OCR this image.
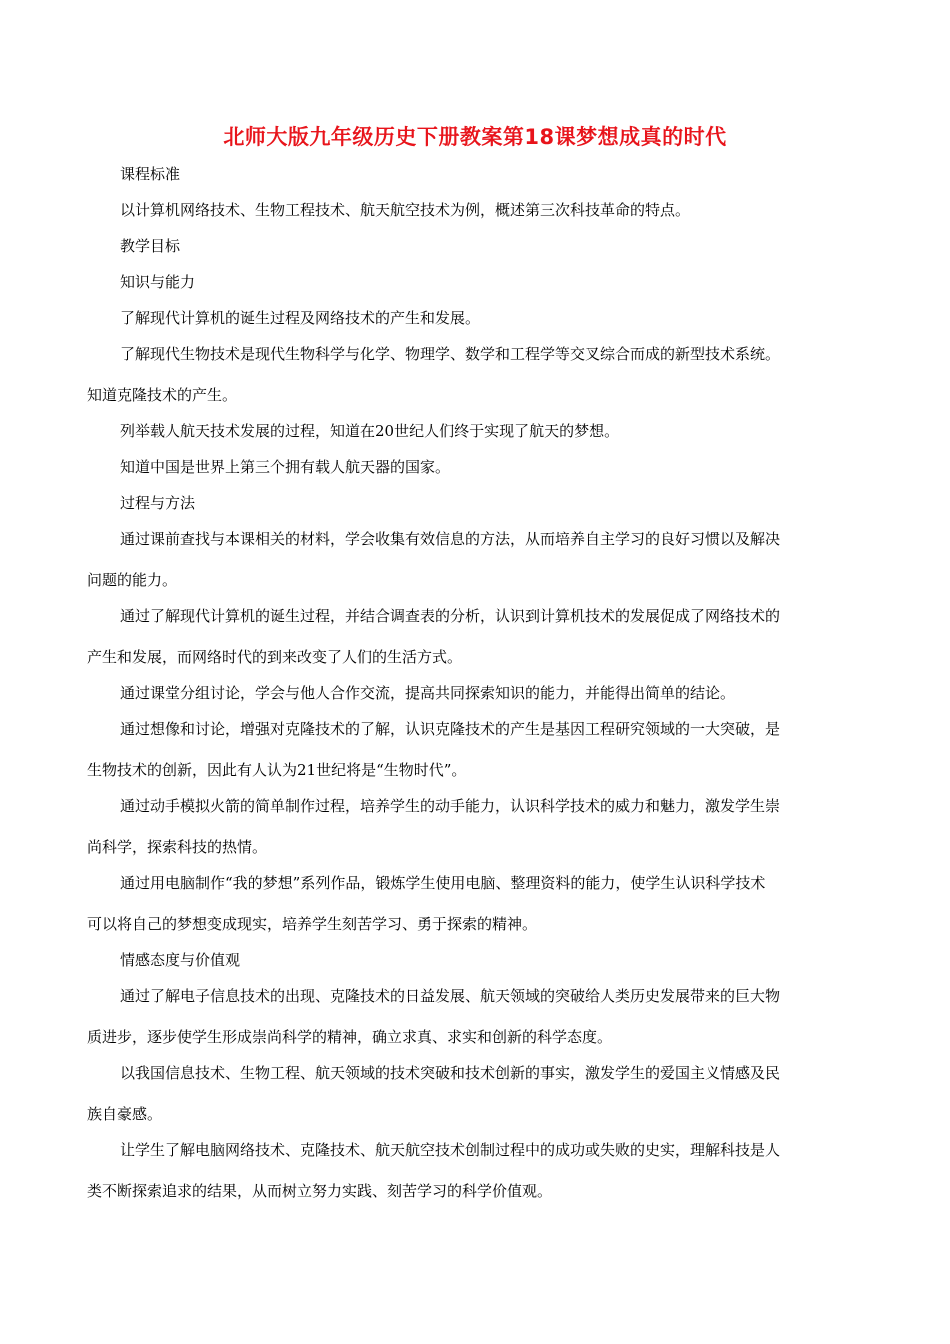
北师大版九年级历史下册教案第18课梦想成真的时代
课程标准
以计算机网络技术、生物工程技术、航天航空技术为例，概述第三次科技革命的特点。
教学目标
知识与能力
了解现代计算机的诞生过程及网络技术的产生和发展。
了解现代生物技术是现代生物科学与化学、物理学、数学和工程学等交叉综合而成的新型技术系统。
知道克隆技术的产生。
列举载人航天技术发展的过程，知道在20世纪人们终于实现了航天的梦想。
知道中国是世界上第三个拥有载人航天器的国家。
过程与方法
通过课前查找与本课相关的材料，学会收集有效信息的方法，从而培养自主学习的良好习惯以及解决
问题的能力。
通过了解现代计算机的诞生过程，并结合调查表的分析，认识到计算机技术的发展促成了网络技术的
产生和发展，而网络时代的到来改变了人们的生活方式。
通过课堂分组讨论，学会与他人合作交流，提高共同探索知识的能力，并能得出简单的结论。
通过想像和讨论，增强对克隆技术的了解，认识克隆技术的产生是基因工程研究领域的一大突破，是
生物技术的创新，因此有人认为21世纪将是“生物时代”。
通过动手模拟火箭的简单制作过程，培养学生的动手能力，认识科学技术的威力和魅力，激发学生崇
尚科学，探索科技的热情。
通过用电脑制作“我的梦想”系列作品，锻炼学生使用电脑、整理资料的能力，使学生认识科学技术
可以将自己的梦想变成现实，培养学生刻苦学习、勇于探索的精神。
情感态度与价值观
通过了解电子信息技术的出现、克隆技术的日益发展、航天领域的突破给人类历史发展带来的巨大物
质进步，逐步使学生形成崇尚科学的精神，确立求真、求实和创新的科学态度。
以我国信息技术、生物工程、航天领域的技术突破和技术创新的事实，激发学生的爱国主义情感及民
族自豪感。
让学生了解电脑网络技术、克隆技术、航天航空技术创制过程中的成功或失败的史实，理解科技是人
类不断探索追求的结果，从而树立努力实践、刻苦学习的科学价值观。
